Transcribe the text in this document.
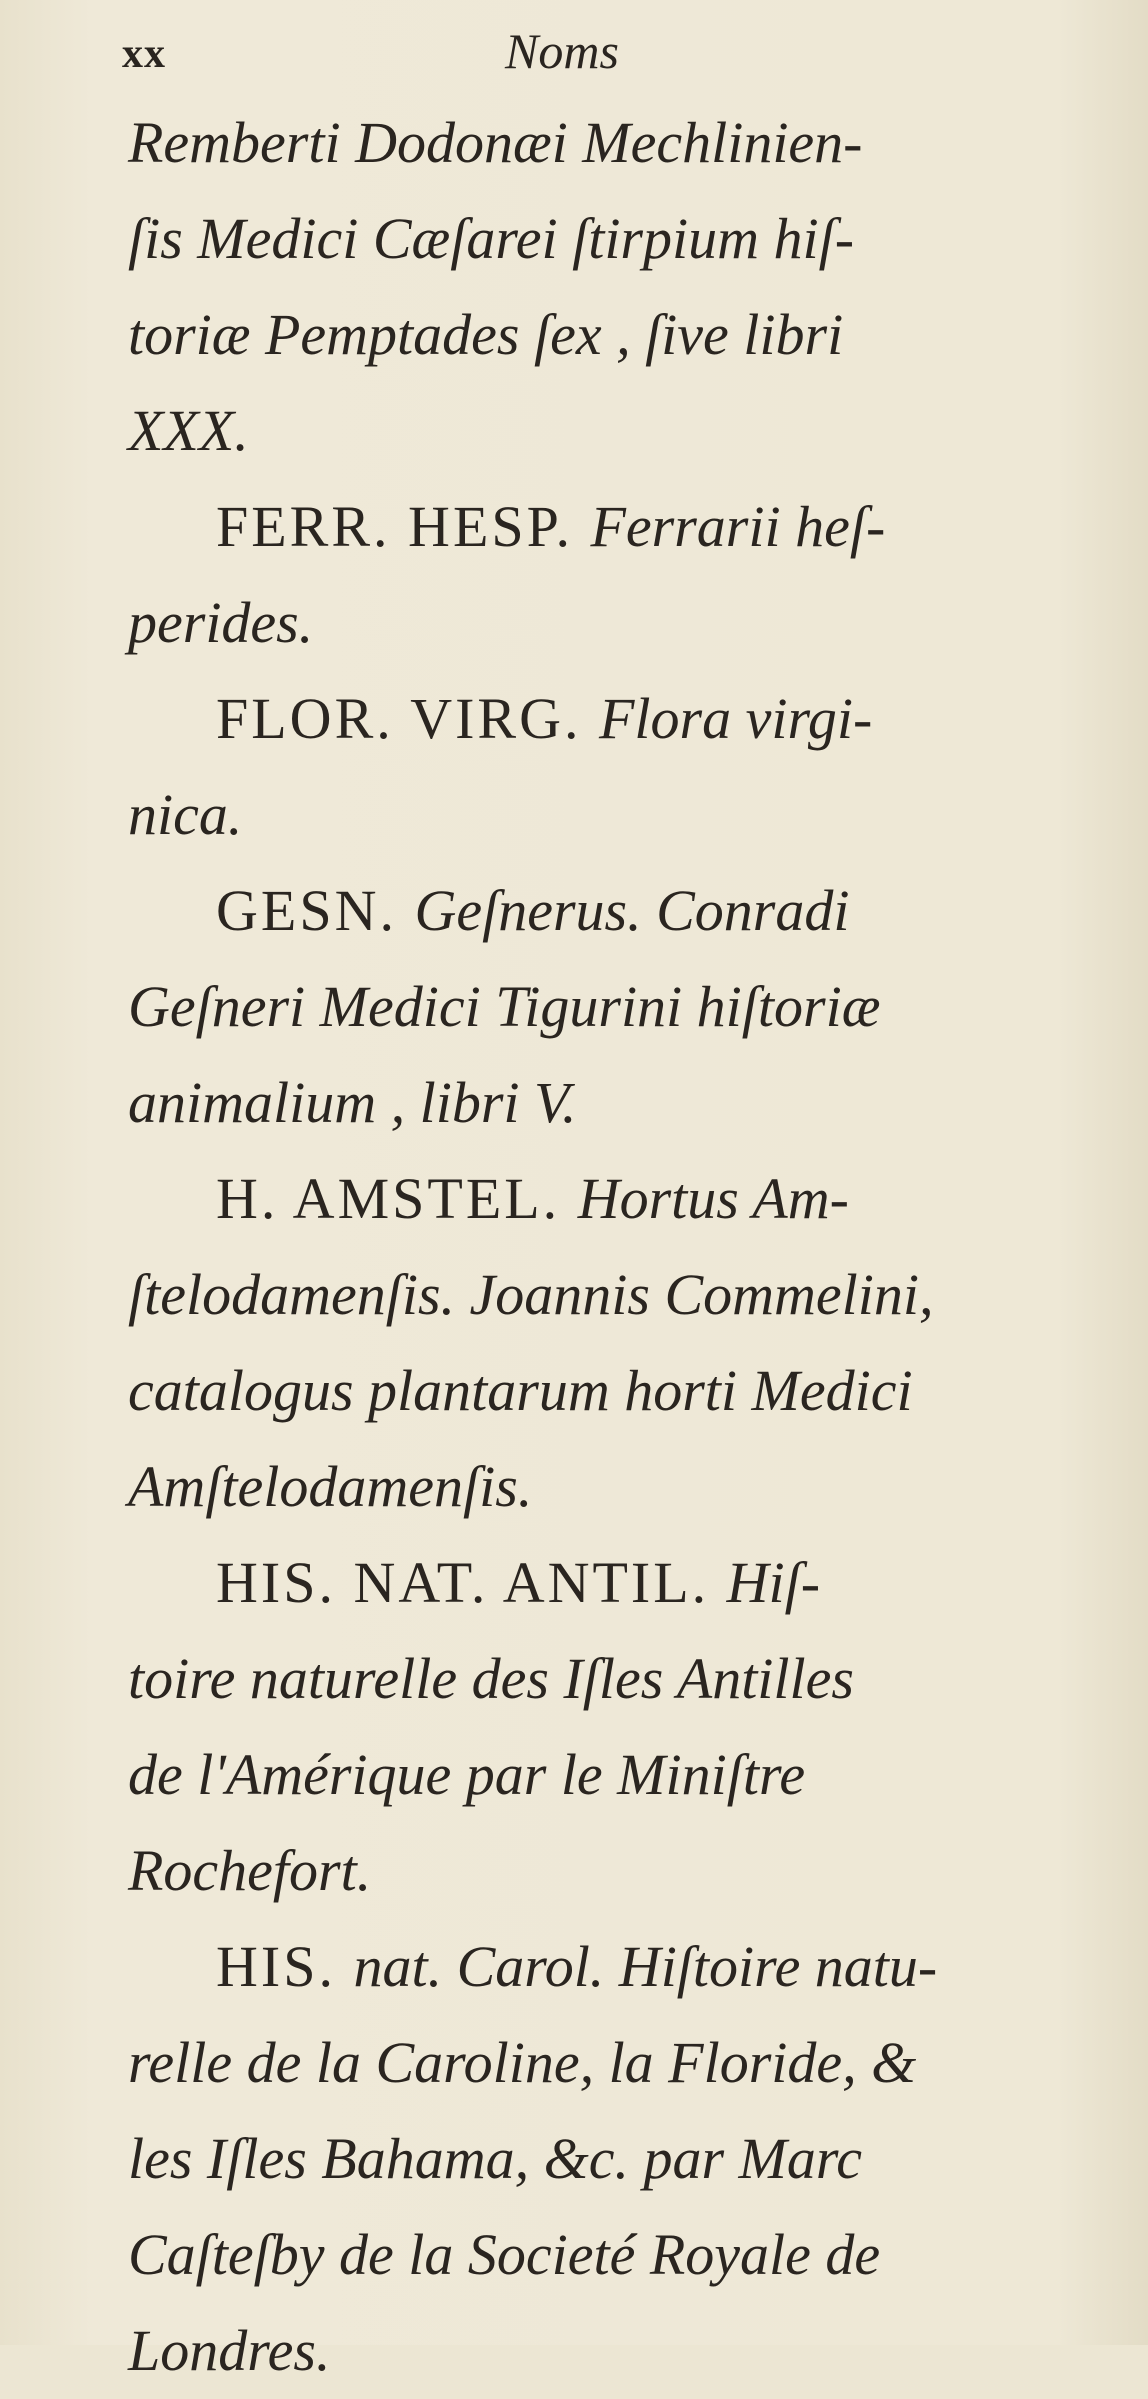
xx	Noms
Remberti Dodonæi Mechlinien-
ſis Medici Cæſarei ſtirpium hiſ-
toriæ Pemptades ſex , ſive libri
XXX.
FERR. HESP. Ferrarii heſ-
perides.
FLOR. VIRG. Flora virgi-
nica.
GESN. Geſnerus. Conradi
Geſneri Medici Tigurini hiſtoriæ
animalium , libri V.
H. AMSTEL. Hortus Am-
ſtelodamenſis. Joannis Commelini,
catalogus plantarum horti Medici
Amſtelodamenſis.
HIS. NAT. ANTIL. Hiſ-
toire naturelle des Iſles Antilles
de l'Amérique par le Miniſtre
Rochefort.
HIS. nat. Carol. Hiſtoire natu-
relle de la Caroline, la Floride, &
les Iſles Bahama, &c. par Marc
Caſteſby de la Societé Royale de
Londres.
